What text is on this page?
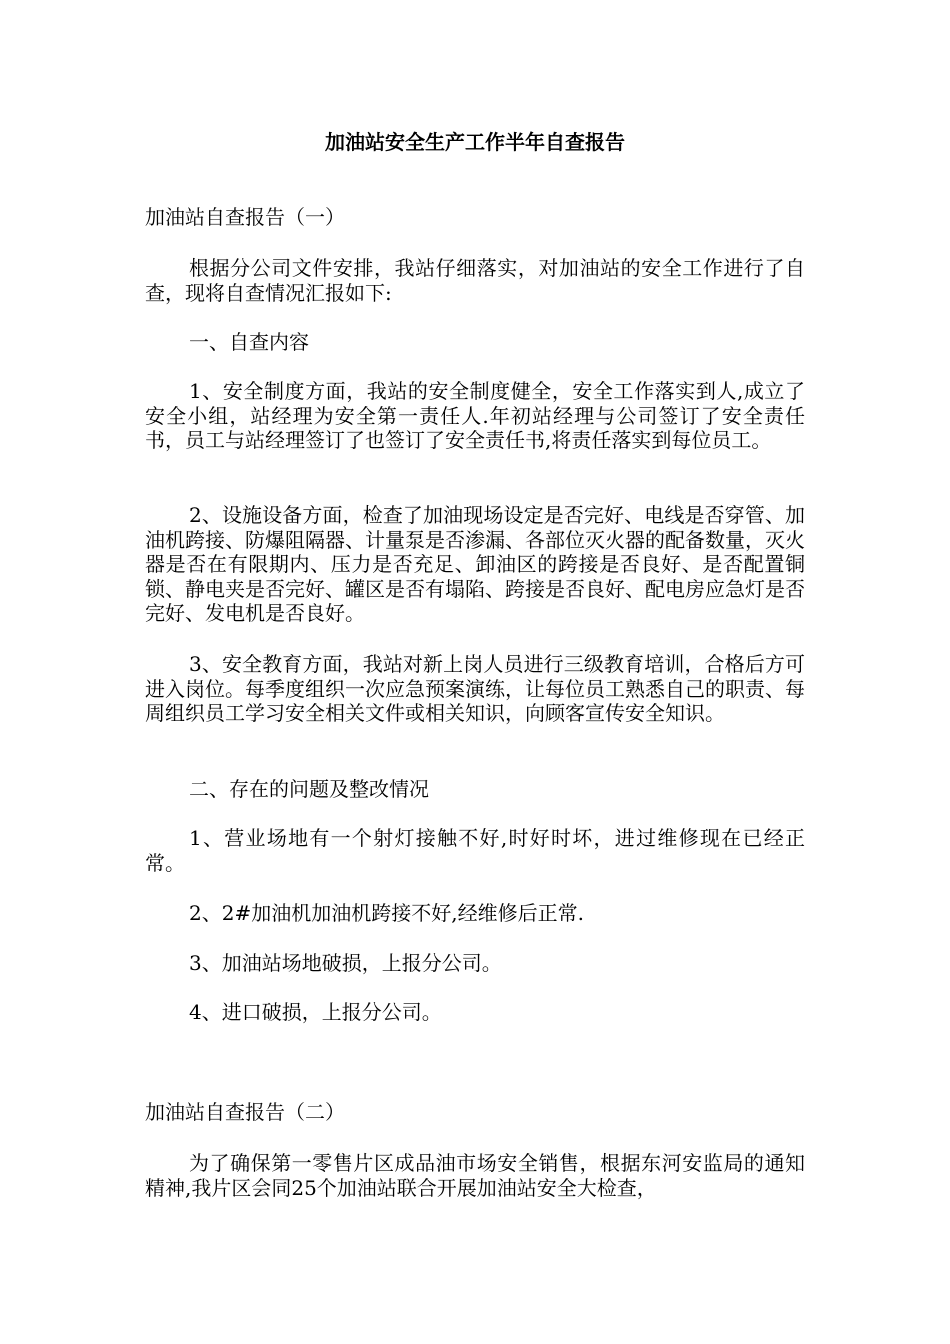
加油站安全生产工作半年自查报告
加油站自查报告（一）

根据分公司文件安排，我站仔细落实，对加油站的安全工作进行了自查，现将自查情况汇报如下:

一、自查内容

1、安全制度方面，我站的安全制度健全，安全工作落实到人,成立了安全小组，站经理为安全第一责任人.年初站经理与公司签订了安全责任书，员工与站经理签订了也签订了安全责任书,将责任落实到每位员工。

2、设施设备方面，检查了加油现场设定是否完好、电线是否穿管、加油机跨接、防爆阻隔器、计量泵是否渗漏、各部位灭火器的配备数量，灭火器是否在有限期内、压力是否充足、卸油区的跨接是否良好、是否配置铜锁、静电夹是否完好、罐区是否有塌陷、跨接是否良好、配电房应急灯是否完好、发电机是否良好。

3、安全教育方面，我站对新上岗人员进行三级教育培训，合格后方可进入岗位。每季度组织一次应急预案演练，让每位员工熟悉自己的职责、每周组织员工学习安全相关文件或相关知识，向顾客宣传安全知识。

二、存在的问题及整改情况

1、营业场地有一个射灯接触不好,时好时坏，进过维修现在已经正常。

2、2#加油机加油机跨接不好,经维修后正常.

3、加油站场地破损，上报分公司。

4、进口破损，上报分公司。

加油站自查报告（二）

为了确保第一零售片区成品油市场安全销售，根据东河安监局的通知精神,我片区会同25个加油站联合开展加油站安全大检查，
